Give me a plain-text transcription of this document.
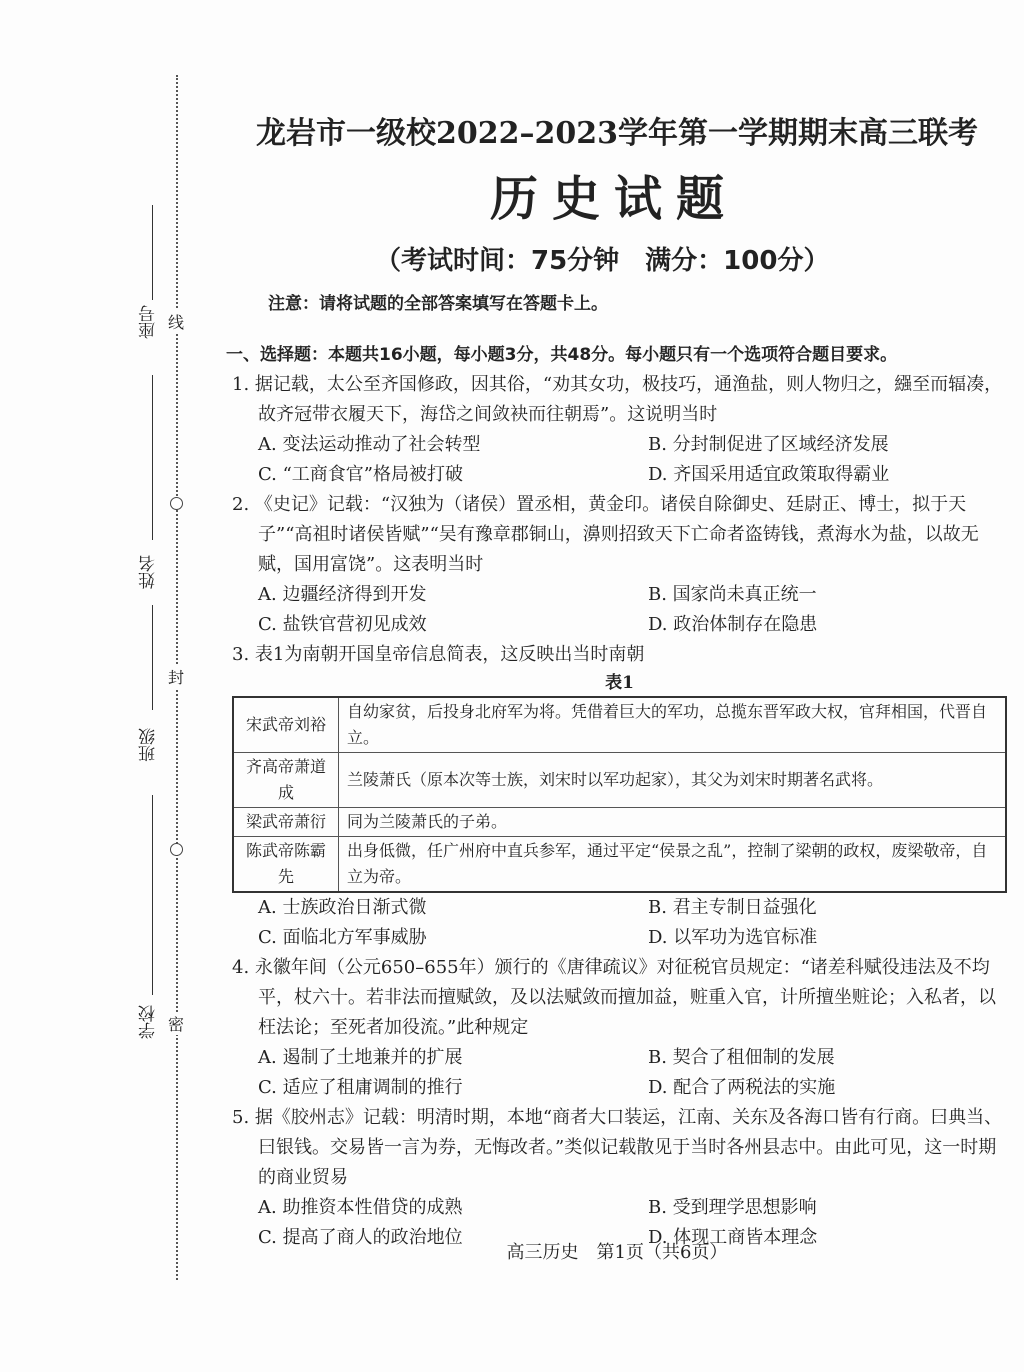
座号 线
姓名
封
班级
学校 密
龙岩市一级校2022–2023学年第一学期期末高三联考
历史试题
（考试时间：75分钟　满分：100分）
注意：请将试题的全部答案填写在答题卡上。
一、选择题：本题共16小题，每小题3分，共48分。每小题只有一个选项符合题目要求。
1. 据记载，太公至齐国修政，因其俗，“劝其女功，极技巧，通渔盐，则人物归之，繦至而辐凑，故齐冠带衣履天下，海岱之间敛袂而往朝焉”。这说明当时
A. 变法运动推动了社会转型	B. 分封制促进了区域经济发展
C. “工商食官”格局被打破	D. 齐国采用适宜政策取得霸业
2. 《史记》记载：“汉独为（诸侯）置丞相，黄金印。诸侯自除御史、廷尉正、博士，拟于天子”“高祖时诸侯皆赋”“吴有豫章郡铜山，濞则招致天下亡命者盗铸钱，煮海水为盐，以故无赋，国用富饶”。这表明当时
A. 边疆经济得到开发	B. 国家尚未真正统一
C. 盐铁官营初见成效	D. 政治体制存在隐患
3. 表1为南朝开国皇帝信息简表，这反映出当时南朝
表1
宋武帝刘裕	自幼家贫，后投身北府军为将。凭借着巨大的军功，总揽东晋军政大权，官拜相国，代晋自立。
齐高帝萧道成	兰陵萧氏（原本次等士族，刘宋时以军功起家），其父为刘宋时期著名武将。
梁武帝萧衍	同为兰陵萧氏的子弟。
陈武帝陈霸先	出身低微，任广州府中直兵参军，通过平定“侯景之乱”，控制了梁朝的政权，废梁敬帝，自立为帝。
A. 士族政治日渐式微	B. 君主专制日益强化
C. 面临北方军事威胁	D. 以军功为选官标准
4. 永徽年间（公元650–655年）颁行的《唐律疏议》对征税官员规定：“诸差科赋役违法及不均平，杖六十。若非法而擅赋敛，及以法赋敛而擅加益，赃重入官，计所擅坐赃论；入私者，以枉法论；至死者加役流。”此种规定
A. 遏制了土地兼并的扩展	B. 契合了租佃制的发展
C. 适应了租庸调制的推行	D. 配合了两税法的实施
5. 据《胶州志》记载：明清时期，本地“商者大口装运，江南、关东及各海口皆有行商。曰典当、曰银钱。交易皆一言为券，无悔改者。”类似记载散见于当时各州县志中。由此可见，这一时期的商业贸易
A. 助推资本性借贷的成熟	B. 受到理学思想影响
C. 提高了商人的政治地位	D. 体现工商皆本理念
高三历史　第1页（共6页）
